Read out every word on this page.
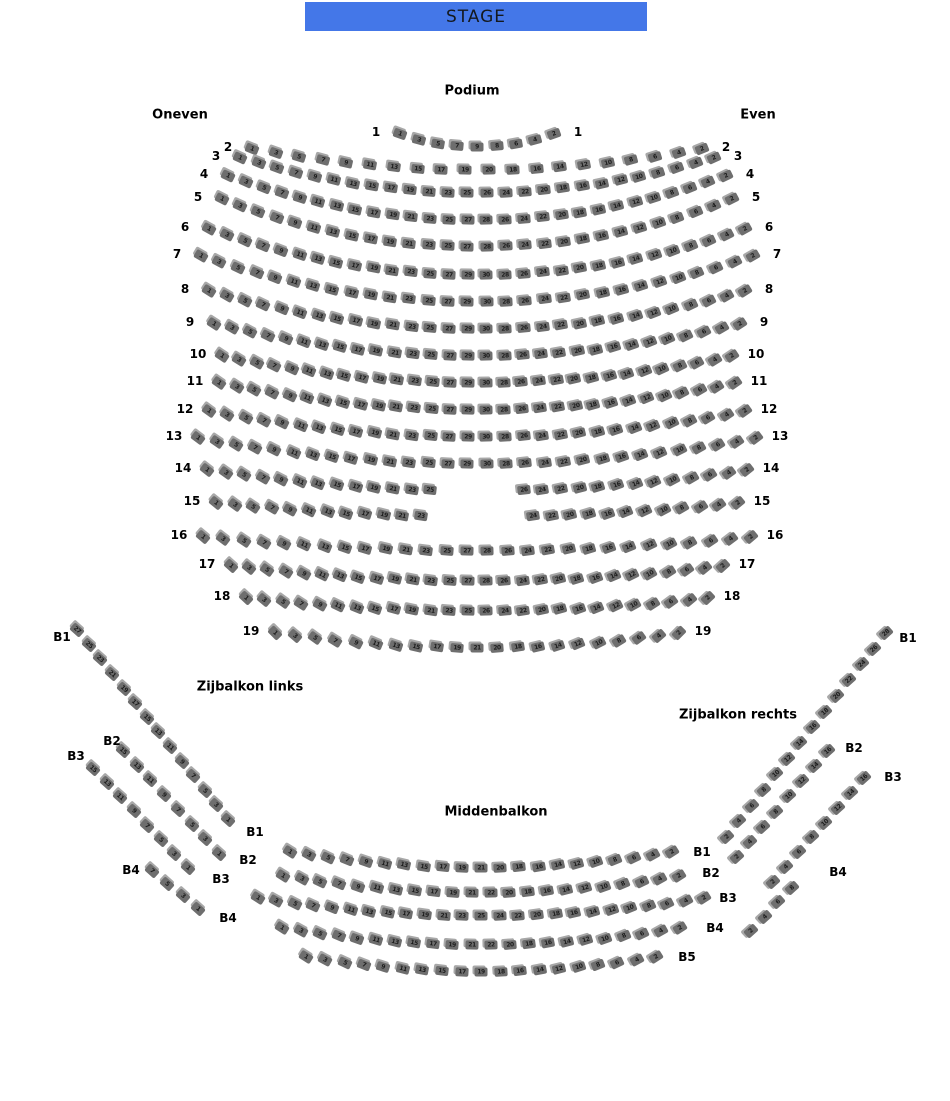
STAGE
Podium
Oneven	Even
Zijbalkon links
Zijbalkon rechts
Middenbalkon
1
3
5	7	9	8	6
4
2
1	1
1
3	5	7	9	11	13	15	17	19	20	18	16	14	12	10	8	6	4
2
2	2
1
3
5
7
9	11	13	15	17	19	21	23	25	26	24	22	20	18	16	14	12	10	8
6
4
2
3	3
1
3
5
7
9	11	13	15	17	19	21	23	25	27	28	26	24	22	20	18	16	14	12	10
8
6
4
2
4	4
1
3
5
7
9
11	13	15	17	19	21	23	25	27	28	26	24	22	20	18	16	14	12
10
8
6
4
2
5	5
1
3
5
7
9	11	13	15	17	19	21	23	25	27	29	30	28	26	24	22	20	18	16	14	12	10
8
6
4
2
6	6
1
3
5
7
9	11	13	15	17	19	21	23	25	27	29	30	28	26	24	22	20	18	16	14	12	10
8
6
4
2
7	7
1
3
5
7
9	11	13	15	17	19	21	23	25	27	29	30	28	26	24	22	20	18	16	14	12	10	8
6
4
2
8	8
1
3
5	7	9	11	13	15	17	19	21	23	25	27	29	30	28	26	24	22	20	18	16	14	12	10	8	6
4
2
9	9
1	3	5	7	9	11	13	15	17	19	21	23	25	27	29	30	28	26	24	22	20	18	16	14	12	10	8	6	4	2
10	10
1	3	5	7	9	11	13	15	17	19	21	23	25	27	29	30	28	26	24	22	20	18	16	14	12	10	8	6	4	2
11	11
1	3	5	7	9	11	13	15	17	19	21	23	25	27	29	30	28	26	24	22	20	18	16	14	12	10	8	6	4	2
12	12
1	3	5	7	9	11	13	15	17	19	21	23	25	27	29	30	28	26	24	22	20	18	16	14	12	10	8	6	4	2
13	13
1	3	5	7	9	11	13	15	17	19	21	23	25	26	24	22	20	18	16	14	12	10	8	6	4	2
14	14
1	3	5	7	9	11	13	15	17	19	21	23	24	22	20	18	16	14	12	10	8	6	4	2
15	15
1	3	5	7	9	11	13	15	17	19	21	23	25	27	28	26	24	22	20	18	16	14	12	10	8	6	4	2
16	16
1	3	5	7	9	11	13	15	17	19	21	23	25	27	28	26	24	22	20	18	16	14	12	10	8	6	4	2
17	17
1	3	5	7	9	11	13	15	17	19	21	23	25	26	24	22	20	18	16	14	12	10	8	6	4	2
18	18
1	3	5	7	9	11	13	15	17	19	21	20	18	16	14	12	10	8	6	4	2
19	19
27
25
23
21
19
17
15
13
11
9
7
5
3
1
B1
B1
15
13
11
9
7
5
3
1
B2
B2
15
13
11
9
7
5
3
1
B3
B3
7
5
3
1
B4
B4
28
26
24
22
20
18
16
14
12
10
8
6
4
2
B1
16
14
12
10
8
6
4
2
B2
16
14
12
10
8
6
4
2
B3
8
6
4
2
B4
1	3	5	7	9	11	13	15	17	19	21	20	18	16	14	12	10	8	6	4	2	B1
1	3	5	7	9	11	13	15	17	19	21	22	20	18	16	14	12	10	8	6	4	2	B2
1	3	5	7	9	11	13	15	17	19	21	23	25	24	22	20	18	16	14	12	10	8	6	4	2 B3
1	3	5	7	9	11	13	15	17	19	21	22	20	18	16	14	12	10	8	6	4	2	B4
1	3	5	7	9	11	13	15	17	19	18	16	14	12	10	8	6	4	2	B5
